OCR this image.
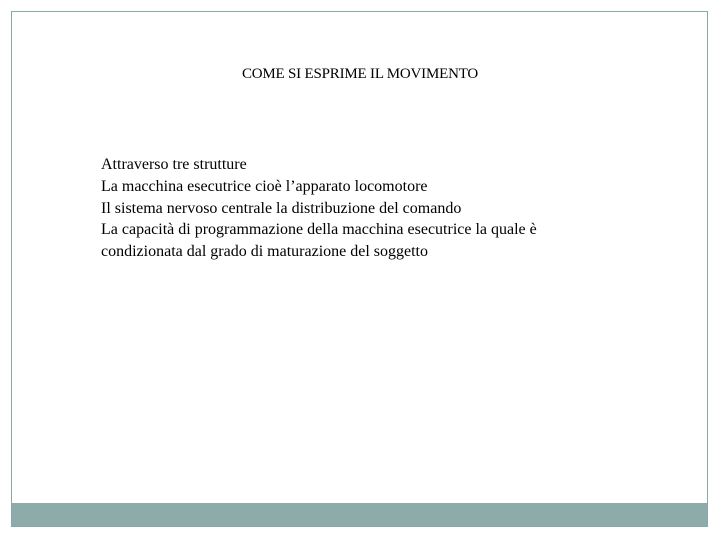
COME SI ESPRIME IL MOVIMENTO
Attraverso tre strutture
La macchina esecutrice cioè l’apparato locomotore
Il sistema nervoso centrale la distribuzione del comando
La capacità di programmazione della macchina esecutrice la quale è
condizionata dal grado di maturazione del soggetto
